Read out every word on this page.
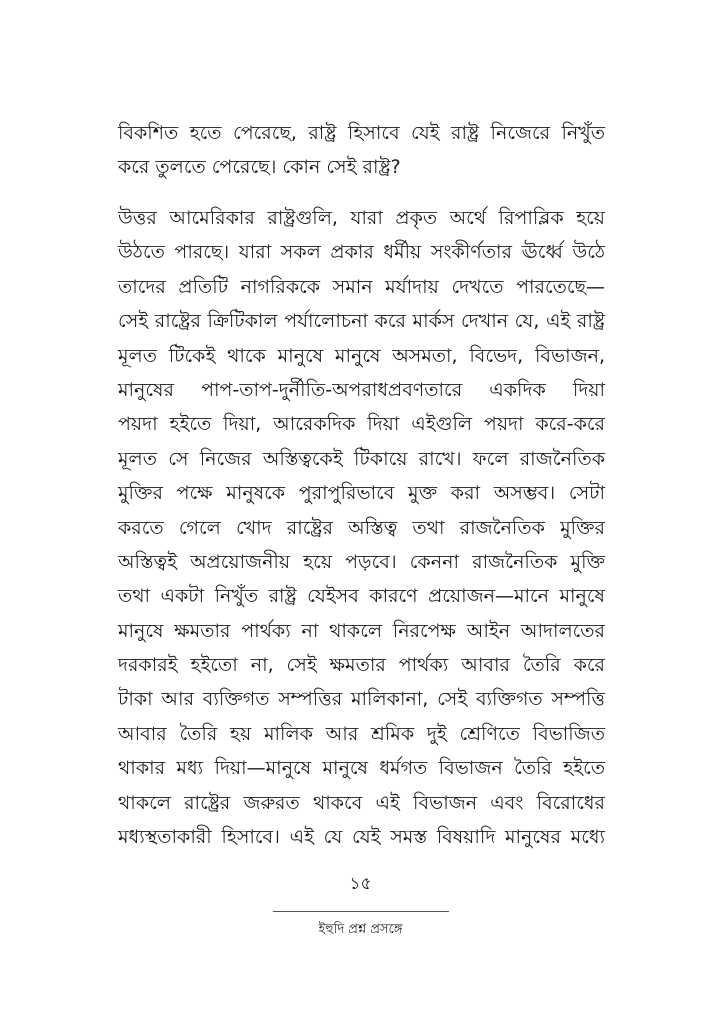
বিকশিত হতে পেরেছে, রাষ্ট্র হিসাবে যেই রাষ্ট্র নিজেরে নিখুঁত
করে তুলতে পেরেছে। কোন সেই রাষ্ট্র?
উত্তর আমেরিকার রাষ্ট্রগুলি, যারা প্রকৃত অর্থে রিপাব্লিক হয়ে
উঠতে পারছে। যারা সকল প্রকার ধর্মীয় সংকীর্ণতার ঊর্ধ্বে উঠে
তাদের প্রতিটি নাগরিককে সমান মর্যাদায় দেখতে পারতেছে—
সেই রাষ্ট্রের ক্রিটিকাল পর্যালোচনা করে মার্কস দেখান যে, এই রাষ্ট্র
মূলত টিকেই থাকে মানুষে মানুষে অসমতা, বিভেদ, বিভাজন,
মানুষের পাপ-তাপ-দুর্নীতি-অপরাধপ্রবণতারে একদিক দিয়া
পয়দা হইতে দিয়া, আরেকদিক দিয়া এইগুলি পয়দা করে-করে
মূলত সে নিজের অস্তিত্বকেই টিকায়ে রাখে। ফলে রাজনৈতিক
মুক্তির পক্ষে মানুষকে পুরাপুরিভাবে মুক্ত করা অসম্ভব। সেটা
করতে গেলে খোদ রাষ্ট্রের অস্তিত্ব তথা রাজনৈতিক মুক্তির
অস্তিত্বই অপ্রয়োজনীয় হয়ে পড়বে। কেননা রাজনৈতিক মুক্তি
তথা একটা নিখুঁত রাষ্ট্র যেইসব কারণে প্রয়োজন—মানে মানুষে
মানুষে ক্ষমতার পার্থক্য না থাকলে নিরপেক্ষ আইন আদালতের
দরকারই হইতো না, সেই ক্ষমতার পার্থক্য আবার তৈরি করে
টাকা আর ব্যক্তিগত সম্পত্তির মালিকানা, সেই ব্যক্তিগত সম্পত্তি
আবার তৈরি হয় মালিক আর শ্রমিক দুই শ্রেণিতে বিভাজিত
থাকার মধ্য দিয়া—মানুষে মানুষে ধর্মগত বিভাজন তৈরি হইতে
থাকলে রাষ্ট্রের জরুরত থাকবে এই বিভাজন এবং বিরোধের
মধ্যস্থতাকারী হিসাবে। এই যে যেই সমস্ত বিষয়াদি মানুষের মধ্যে
১৫
ইহুদি প্রশ্ন প্রসঙ্গে
